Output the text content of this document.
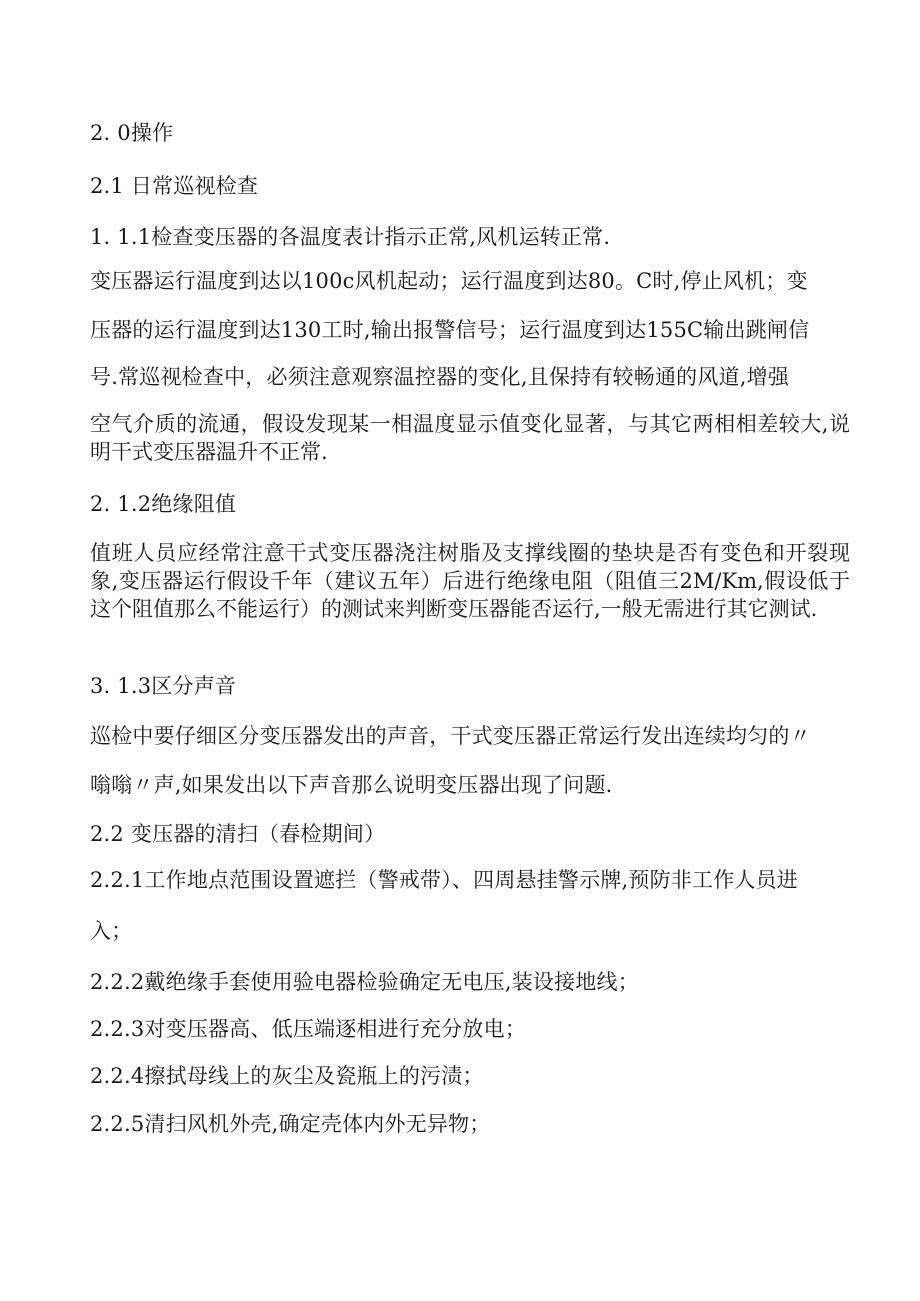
2. 0操作
2.1 日常巡视检查
1. 1.1检查变压器的各温度表计指示正常,风机运转正常.
变压器运行温度到达以100c风机起动；运行温度到达80。C时,停止风机；变
压器的运行温度到达130工时,输出报警信号；运行温度到达155C输出跳闸信
号.常巡视检查中，必须注意观察温控器的变化,且保持有较畅通的风道,增强
空气介质的流通，假设发现某一相温度显示值变化显著，与其它两相相差较大,说明干式变压器温升不正常.
2. 1.2绝缘阻值
值班人员应经常注意干式变压器浇注树脂及支撑线圈的垫块是否有变色和开裂现象,变压器运行假设千年（建议五年）后进行绝缘电阻（阻值三2M/Km,假设低于这个阻值那么不能运行）的测试来判断变压器能否运行,一般无需进行其它测试.
3. 1.3区分声音
巡检中要仔细区分变压器发出的声音，干式变压器正常运行发出连续均匀的〃
嗡嗡〃声,如果发出以下声音那么说明变压器出现了问题.
2.2 变压器的清扫（春检期间）
2.2.1工作地点范围设置遮拦（警戒带）、四周悬挂警示牌,预防非工作人员进
入；
2.2.2戴绝缘手套使用验电器检验确定无电压,装设接地线；
2.2.3对变压器高、低压端逐相进行充分放电；
2.2.4擦拭母线上的灰尘及瓷瓶上的污渍；
2.2.5清扫风机外壳,确定壳体内外无异物；
